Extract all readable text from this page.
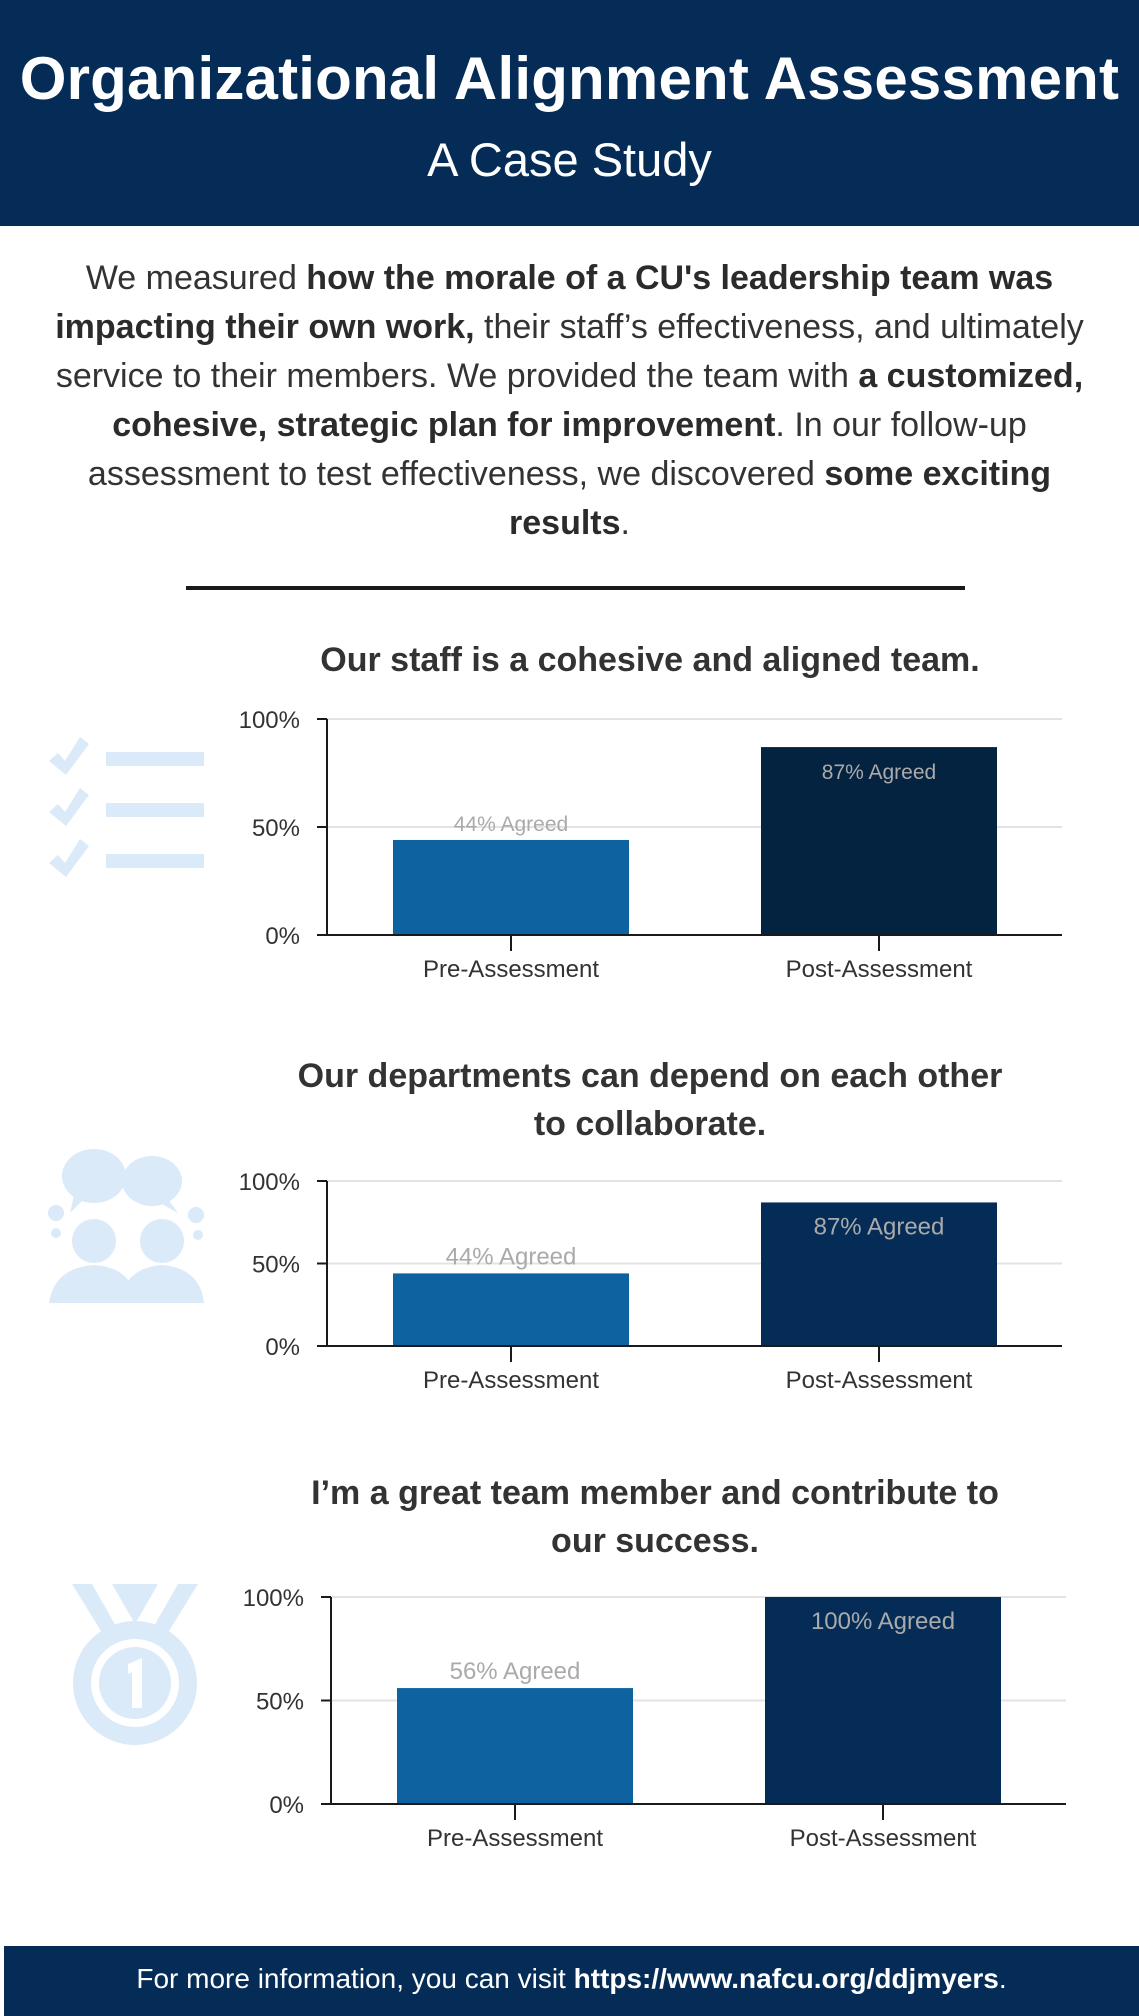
Organizational Alignment Assessment
A Case Study
We measured how the morale of a CU's leadership team was impacting their own work, their staff’s effectiveness, and ultimately service to their members. We provided the team with a customized, cohesive, strategic plan for improvement. In our follow-up assessment to test effectiveness, we discovered some exciting results.
Our staff is a cohesive and aligned team.
Our departments can depend on each other to collaborate.
I’m a great team member and contribute to our success.
0%
50%
100%
44% Agreed
Pre-Assessment
87% Agreed
Post-Assessment
0%
50%
100%
44% Agreed
Pre-Assessment
87% Agreed
Post-Assessment
0%
50%
100%
56% Agreed
Pre-Assessment
100% Agreed
Post-Assessment
For more information, you can visit https://www.nafcu.org/ddjmyers.
